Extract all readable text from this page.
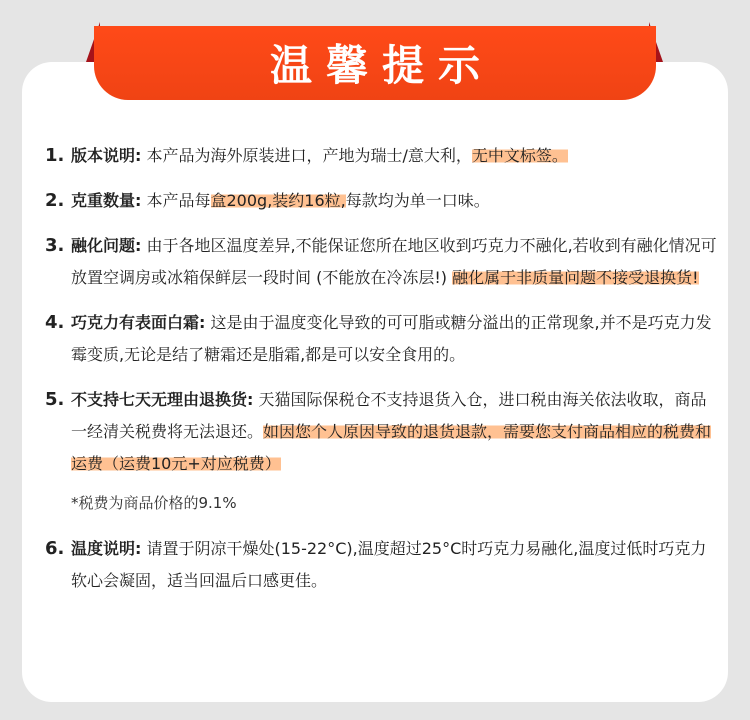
温馨提示
1. 版本说明: 本产品为海外原装进口，产地为瑞士/意大利，无中文标签。
2. 克重数量: 本产品每盒200g,装约16粒,每款均为单一口味。
3. 融化问题: 由于各地区温度差异,不能保证您所在地区收到巧克力不融化,若收到有融化情况可放置空调房或冰箱保鲜层一段时间 (不能放在冷冻层!) 融化属于非质量问题不接受退换货!
4. 巧克力有表面白霜: 这是由于温度变化导致的可可脂或糖分溢出的正常现象,并不是巧克力发霉变质,无论是结了糖霜还是脂霜,都是可以安全食用的。
5. 不支持七天无理由退换货: 天猫国际保税仓不支持退货入仓，进口税由海关依法收取，商品一经清关税费将无法退还。如因您个人原因导致的退货退款，需要您支付商品相应的税费和运费（运费10元+对应税费）
*税费为商品价格的9.1%
6. 温度说明: 请置于阴凉干燥处(15-22°C),温度超过25°C时巧克力易融化,温度过低时巧克力软心会凝固，适当回温后口感更佳。
